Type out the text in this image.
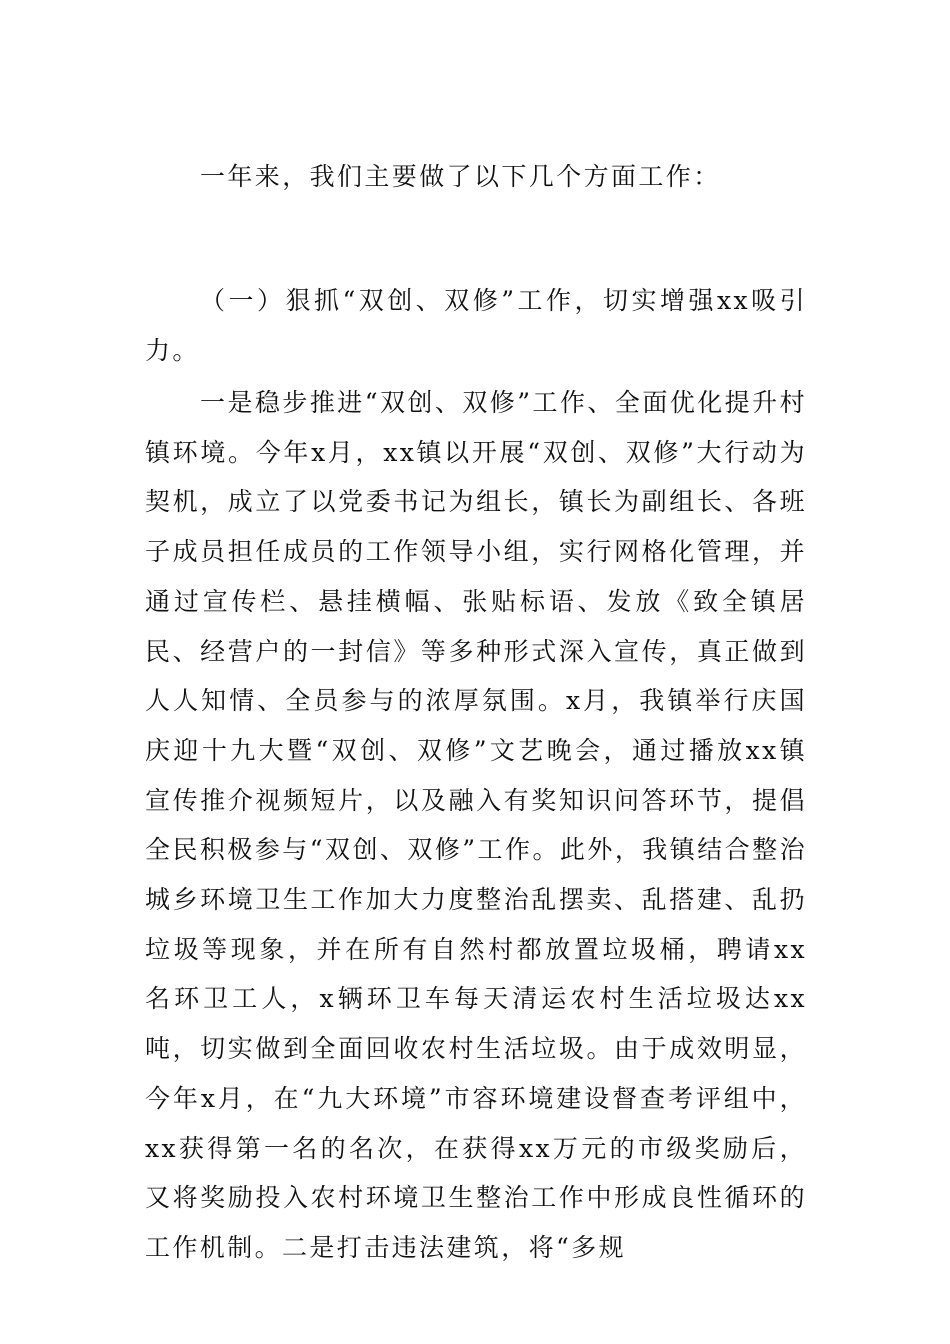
一年来，我们主要做了以下几个方面工作：

（一）狠抓“双创、双修”工作，切实增强xx吸引力。

一是稳步推进“双创、双修”工作、全面优化提升村镇环境。今年x月，xx镇以开展“双创、双修”大行动为契机，成立了以党委书记为组长，镇长为副组长、各班子成员担任成员的工作领导小组，实行网格化管理，并通过宣传栏、悬挂横幅、张贴标语、发放《致全镇居民、经营户的一封信》等多种形式深入宣传，真正做到人人知情、全员参与的浓厚氛围。x月，我镇举行庆国庆迎十九大暨“双创、双修”文艺晚会，通过播放xx镇宣传推介视频短片，以及融入有奖知识问答环节，提倡全民积极参与“双创、双修”工作。此外，我镇结合整治城乡环境卫生工作加大力度整治乱摆卖、乱搭建、乱扔垃圾等现象，并在所有自然村都放置垃圾桶，聘请xx名环卫工人，x辆环卫车每天清运农村生活垃圾达xx吨，切实做到全面回收农村生活垃圾。由于成效明显，今年x月，在“九大环境”市容环境建设督查考评组中，xx获得第一名的名次，在获得xx万元的市级奖励后，又将奖励投入农村环境卫生整治工作中形成良性循环的工作机制。二是打击违法建筑，将“多规
